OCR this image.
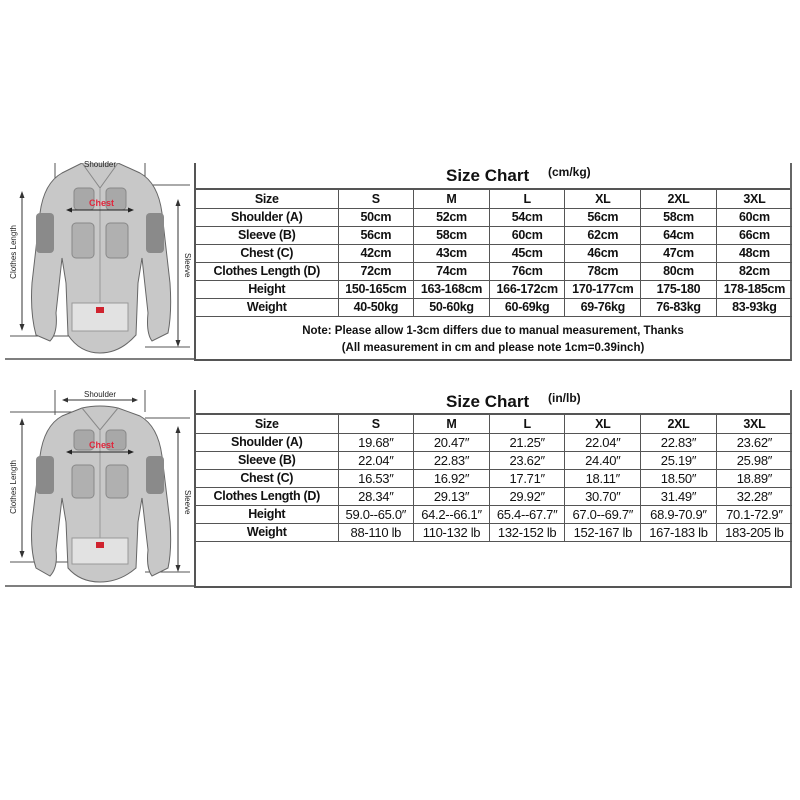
Shoulder
Chest
Clothes Length	Sleeve
Size Chart (cm/kg)
Size	S	M	L	XL	2XL	3XL
Shoulder (A)	50cm	52cm	54cm	56cm	58cm	60cm
Sleeve (B)	56cm	58cm	60cm	62cm	64cm	66cm
Chest (C)	42cm	43cm	45cm	46cm	47cm	48cm
Clothes Length (D)	72cm	74cm	76cm	78cm	80cm	82cm
Height	150-165cm	163-168cm	166-172cm	170-177cm	175-180	178-185cm
Weight	40-50kg	50-60kg	60-69kg	69-76kg	76-83kg	83-93kg
Note: Please allow 1-3cm differs due to manual measurement, Thanks
(All measurement in cm and please note 1cm=0.39inch)
Shoulder
Chest
Clothes Length	Sleeve
Size Chart (in/lb)
Size	S	M	L	XL	2XL	3XL
Shoulder (A)	19.68″	20.47″	21.25″	22.04″	22.83″	23.62″
Sleeve (B)	22.04″	22.83″	23.62″	24.40″	25.19″	25.98″
Chest (C)	16.53″	16.92″	17.71″	18.11″	18.50″	18.89″
Clothes Length (D)	28.34″	29.13″	29.92″	30.70″	31.49″	32.28″
Height	59.0--65.0″	64.2--66.1″	65.4--67.7″	67.0--69.7″	68.9-70.9″	70.1-72.9″
Weight	88-110 lb	110-132 lb	132-152 lb	152-167 lb	167-183 lb	183-205 lb
